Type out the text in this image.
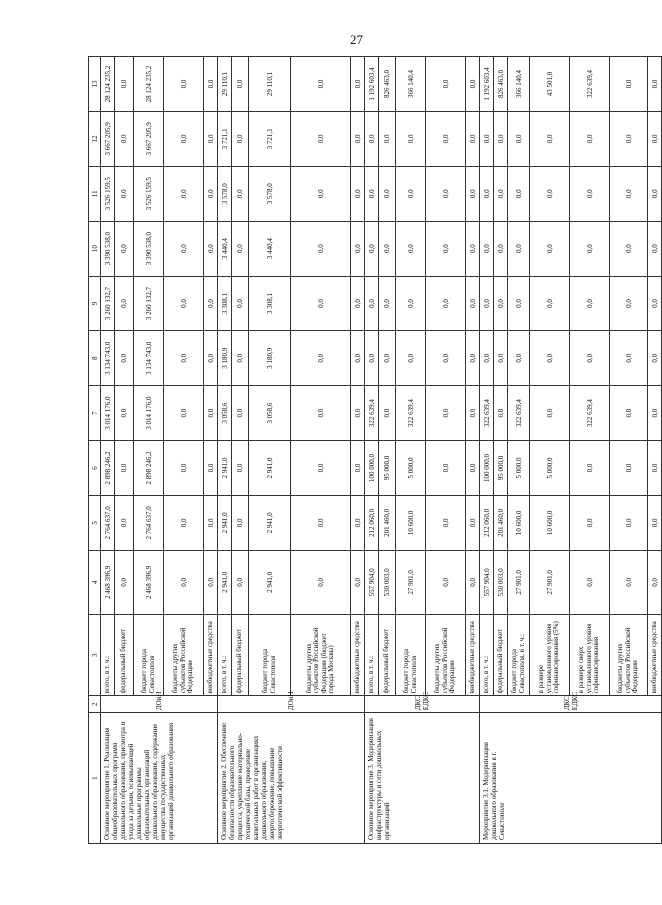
27
1	2	3	4	5	6	7	8	9	10	11	12	13
Основное мероприятие 1. Реализация общеобразовательных программ дошкольного образования, присмотра и ухода за детьми, основывающей дошкольные программы образовательных организаций дошкольного образования, содержание имущества государственных организаций дошкольного образования	ДОиН	всего, в т. ч.:	2 468 396,9	2 764 637,0	2 898 246,2	3 014 176,0	3 134 743,0	3 260 132,7	3 390 538,0	3 526 159,5	3 667 205,9	28 124 235,2
		федеральный бюджет	0,0	0,0	0,0	0,0	0,0	0,0	0,0	0,0	0,0	0,0
		бюджет города Севастополя	2 468 396,9	2 764 637,0	2 898 246,2	3 014 176,0	3 134 743,0	3 260 132,7	3 390 538,0	3 526 159,5	3 667 205,9	28 124 235,2
		бюджеты других субъектов Российской Федерации	0,0	0,0	0,0	0,0	0,0	0,0	0,0	0,0	0,0	0,0
		внебюджетные средства	0,0	0,0	0,0	0,0	0,0	0,0	0,0	0,0	0,0	0,0
Основное мероприятие 2. Обеспечение безопасности образовательного процесса, укрепление материально-технической базы, проведение капитальных работ в организациях дошкольного образования, энергосбережение, повышение энергетической эффективности	ДОиН	всего, в т. ч.:	2 941,0	2 941,0	2 941,0	3 058,6	3 180,9	3 308,1	3 440,4	3 578,0	3 721,1	29 110,1
		федеральный бюджет	0,0	0,0	0,0	0,0	0,0	0,0	0,0	0,0	0,0	0,0
		бюджет города Севастополя	2 941,0	2 941,0	2 941,0	3 058,6	3 180,9	3 308,1	3 440,4	3 578,0	3 721,1	29 110,1
		бюджеты других субъектов Российской Федерации (бюджет города Москвы)	0,0	0,0	0,0	0,0	0,0	0,0	0,0	0,0	0,0	0,0
		внебюджетные средства	0,0	0,0	0,0	0,0	0,0	0,0	0,0	0,0	0,0	0,0
Основное мероприятие 3. Модернизация инфраструктуры и сети дошкольных организаций	ДКС, ЕДКС	всего, в т. ч.:	557 904,0	212 060,0	100 000,0	322 639,4	0,0	0,0	0,0	0,0	0,0	1 192 603,4
		федеральный бюджет	530 003,0	201 460,0	95 000,0	0,0	0,0	0,0	0,0	0,0	0,0	826 463,0
		бюджет города Севастополя	27 901,0	10 600,0	5 000,0	322 639,4	0,0	0,0	0,0	0,0	0,0	366 140,4
		бюджеты других субъектов Российской Федерации	0,0	0,0	0,0	0,0	0,0	0,0	0,0	0,0	0,0	0,0
		внебюджетные средства	0,0	0,0	0,0	0,0	0,0	0,0	0,0	0,0	0,0	0,0
Мероприятие 3.1. Модернизация дошкольного образования в г. Севастополе	ДКС, ЕДКС	всего, в т. ч.:	557 904,0	212 060,0	100 000,0	322 639,4	0,0	0,0	0,0	0,0	0,0	1 192 603,4
		федеральный бюджет	530 003,0	201 460,0	95 000,0	0,0	0,0	0,0	0,0	0,0	0,0	826 463,0
		бюджет города Севастополя, в т. ч.:	27 901,0	10 600,0	5 000,0	322 639,4	0,0	0,0	0,0	0,0	0,0	366 140,4
		в размере установленного уровня софинансирования (5%)	27 901,0	10 600,0	5 000,0	0,0	0,0	0,0	0,0	0,0	0,0	43 501,0
		в размере сверх установленного уровня софинансирования	0,0	0,0	0,0	322 639,4	0,0	0,0	0,0	0,0	0,0	322 639,4
		бюджеты других субъектов Российской Федерации	0,0	0,0	0,0	0,0	0,0	0,0	0,0	0,0	0,0	0,0
		внебюджетные средства	0,0	0,0	0,0	0,0	0,0	0,0	0,0	0,0	0,0	0,0
